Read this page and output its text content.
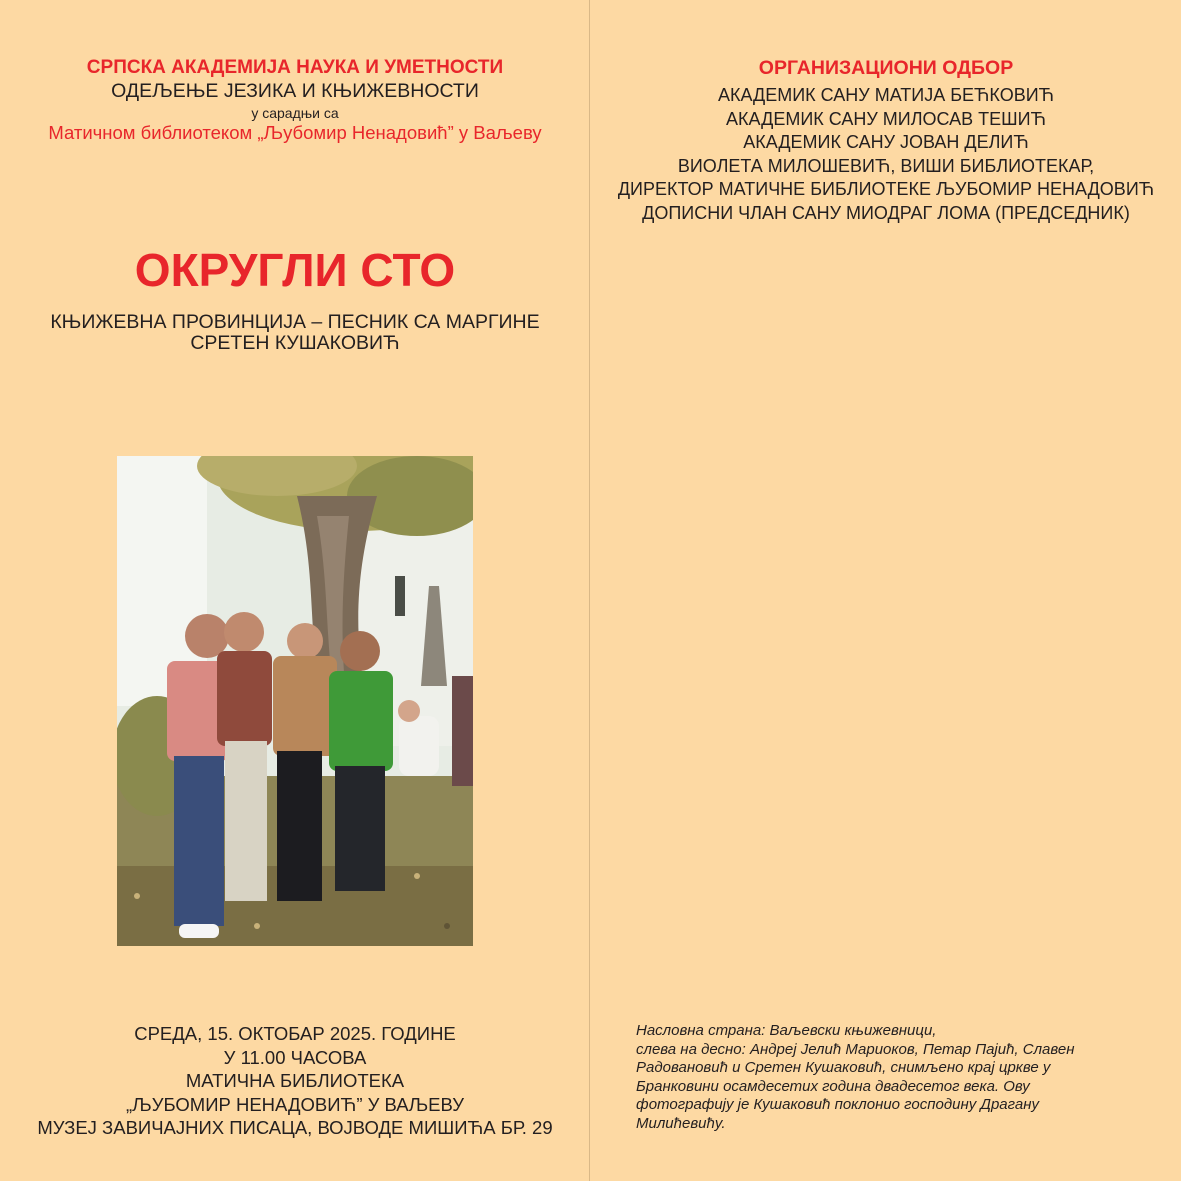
СРПСКА АКАДЕМИЈА НАУКА И УМЕТНОСТИ
ОДЕЉЕЊЕ ЈЕЗИКА И КЊИЖЕВНОСТИ
у сарадњи са
Матичном библиотеком „Љубомир Ненадовић” у Ваљеву
ОКРУГЛИ СТО
КЊИЖЕВНА ПРОВИНЦИЈА – ПЕСНИК СА МАРГИНЕ
СРЕТЕН КУШАКОВИЋ
СРЕДА, 15. ОКТОБАР 2025. ГОДИНЕ
У 11.00 ЧАСОВА
МАТИЧНА БИБЛИОТЕКА
„ЉУБОМИР НЕНАДОВИЋ” У ВАЉЕВУ
МУЗЕЈ ЗАВИЧАЈНИХ ПИСАЦА, ВОЈВОДЕ МИШИЋА БР. 29
ОРГАНИЗАЦИОНИ ОДБОР
АКАДЕМИК САНУ МАТИЈА БЕЋКОВИЋ
АКАДЕМИК САНУ МИЛОСАВ ТЕШИЋ
АКАДЕМИК САНУ ЈОВАН ДЕЛИЋ
ВИОЛЕТА МИЛОШЕВИЋ, ВИШИ БИБЛИОТЕКАР,
ДИРЕКТОР МАТИЧНЕ БИБЛИОТЕКЕ ЉУБОМИР НЕНАДОВИЋ
ДОПИСНИ ЧЛАН САНУ МИОДРАГ ЛОМА (ПРЕДСЕДНИК)
Насловна страна: Ваљевски књижевници,
слева на десно: Андреј Јелић Мариоков, Петар Пајић, Славен
Радовановић и Сретен Кушаковић, снимљено крај цркве у
Бранковини осамдесетих година двадесетог века. Ову
фотографију је Кушаковић поклонио господину Драгану
Милићевићу.
